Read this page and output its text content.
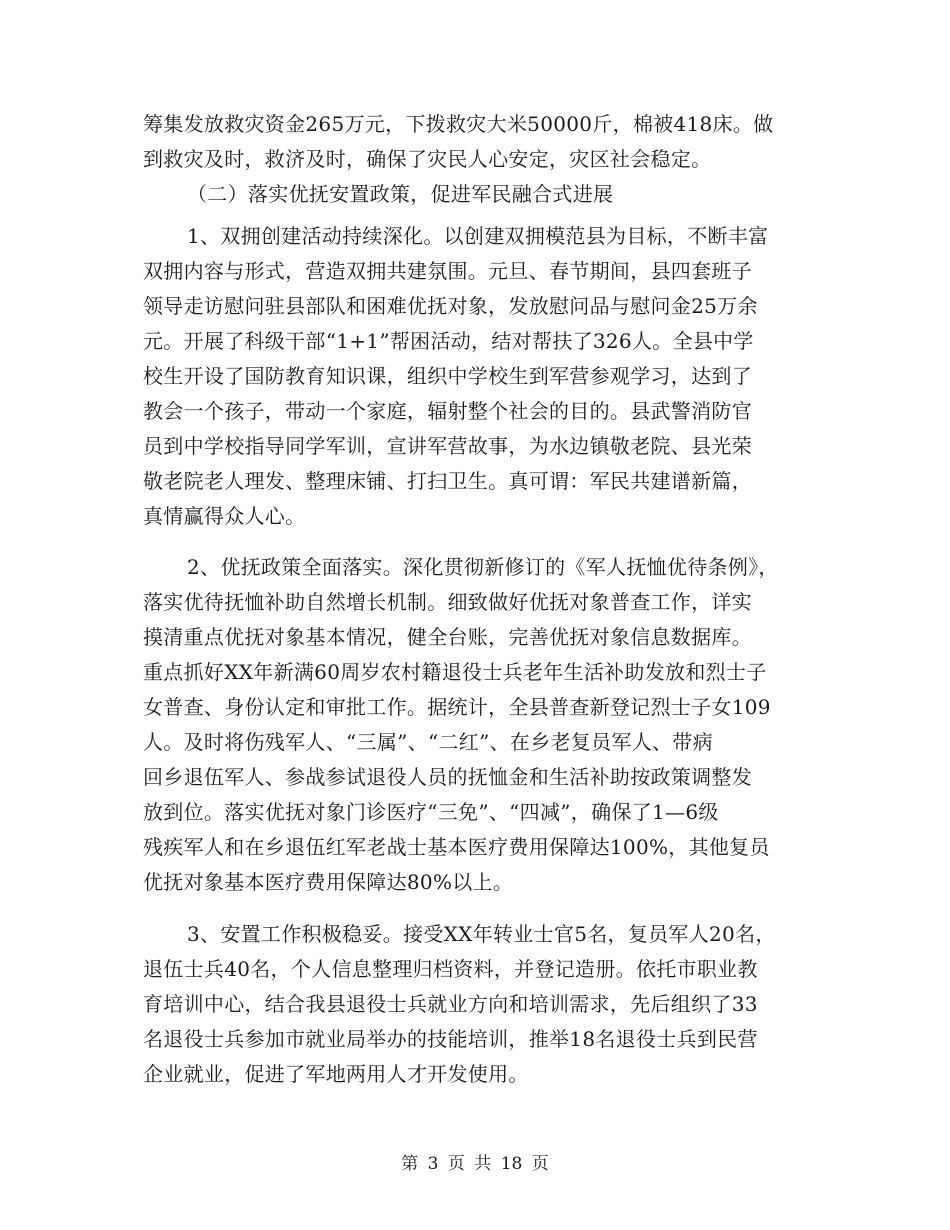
筹集发放救灾资金265万元，下拨救灾大米50000斤，棉被418床。做
到救灾及时，救济及时，确保了灾民人心安定，灾区社会稳定。
（二）落实优抚安置政策，促进军民融合式进展
1、双拥创建活动持续深化。以创建双拥模范县为目标，不断丰富
双拥内容与形式，营造双拥共建氛围。元旦、春节期间，县四套班子
领导走访慰问驻县部队和困难优抚对象，发放慰问品与慰问金25万余
元。开展了科级干部“1+1”帮困活动，结对帮扶了326人。全县中学
校生开设了国防教育知识课，组织中学校生到军营参观学习，达到了
教会一个孩子，带动一个家庭，辐射整个社会的目的。县武警消防官
员到中学校指导同学军训，宣讲军营故事，为水边镇敬老院、县光荣
敬老院老人理发、整理床铺、打扫卫生。真可谓：军民共建谱新篇，
真情赢得众人心。
2、优抚政策全面落实。深化贯彻新修订的《军人抚恤优待条例》，
落实优待抚恤补助自然增长机制。细致做好优抚对象普查工作，详实
摸清重点优抚对象基本情况，健全台账，完善优抚对象信息数据库。
重点抓好XX年新满60周岁农村籍退役士兵老年生活补助发放和烈士子
女普查、身份认定和审批工作。据统计，全县普查新登记烈士子女109
人。及时将伤残军人、“三属”、“二红”、在乡老复员军人、带病
回乡退伍军人、参战参试退役人员的抚恤金和生活补助按政策调整发
放到位。落实优抚对象门诊医疗“三免”、“四减”，确保了1—6级
残疾军人和在乡退伍红军老战士基本医疗费用保障达100%，其他复员
优抚对象基本医疗费用保障达80%以上。
3、安置工作积极稳妥。接受XX年转业士官5名，复员军人20名，
退伍士兵40名，个人信息整理归档资料，并登记造册。依托市职业教
育培训中心，结合我县退役士兵就业方向和培训需求，先后组织了33
名退役士兵参加市就业局举办的技能培训，推举18名退役士兵到民营
企业就业，促进了军地两用人才开发使用。
第 3 页 共 18 页
